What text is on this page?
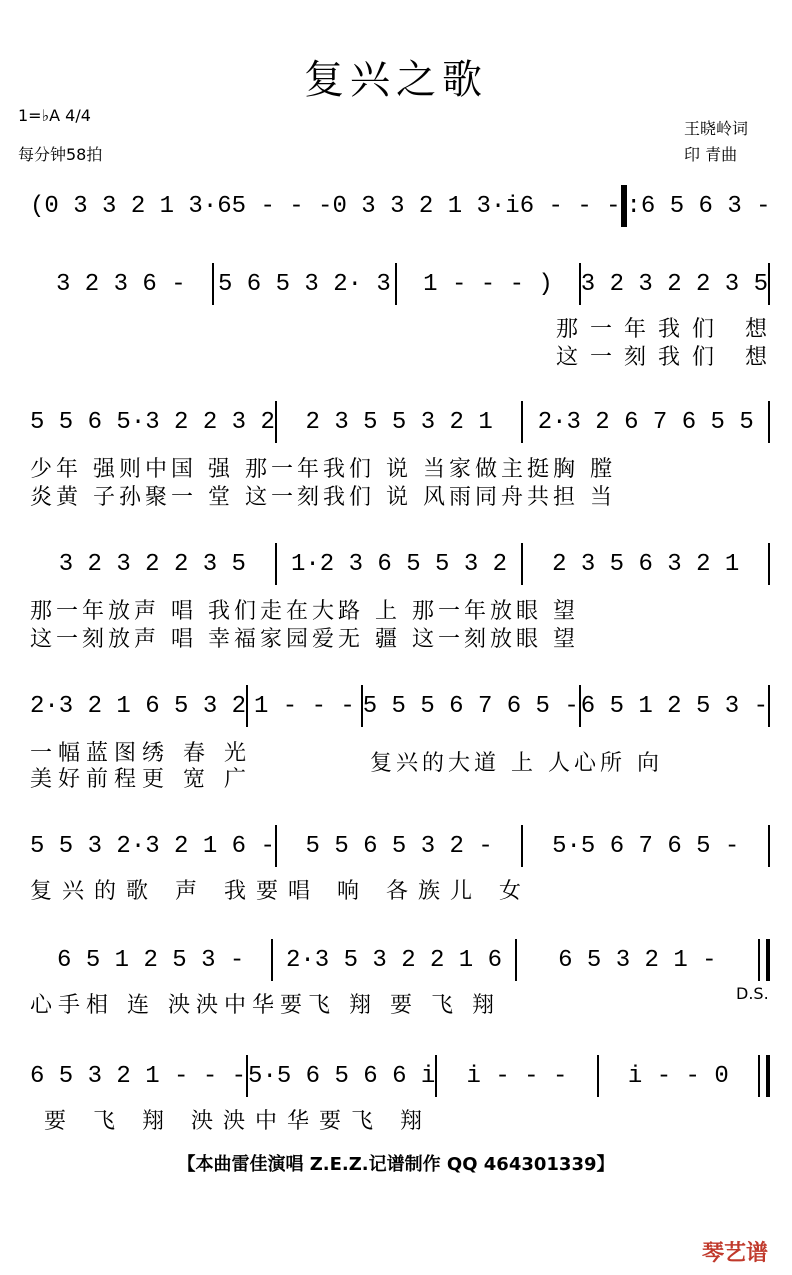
复兴之歌
1=♭A 4/4
每分钟58拍
王晓岭词
印 青曲
(0 3 3 2 1 3·6 5 - - - 0 3 3 2 1 3·i 6 - - - :6 5 6 3 -
3 2 3 6 -	5 6 5 3 2· 3	1 - - - )	3 2 3 2 2 3 5
那一年我们 想
这一刻我们 想
5 5 6 5·3 2 2 3 2	2 3 5 5 3 2 1	2·3 2 6 7 6 5 5
少年 强则中国 强 那一年我们 说 当家做主挺胸 膛
炎黄 子孙聚一 堂 这一刻我们 说 风雨同舟共担 当
3 2 3 2 2 3 5	1·2 3 6 5 5 3 2	2 3 5 6 3 2 1
那一年放声 唱 我们走在大路 上 那一年放眼 望
这一刻放声 唱 幸福家园爱无 疆 这一刻放眼 望
2·3 2 1 6 5 3 2 1 - - - 5 5 5 6 7 6 5 - 6 5 1 2 5 3 -
一幅蓝图绣 春 光
美好前程更 宽 广
复兴的大道 上 人心所 向
5 5 3 2·3 2 1 6 -	5 5 6 5 3 2 -	5·5 6 7 6 5 -
复兴的歌 声 我要唱 响 各族儿 女
6 5 1 2 5 3 -	2·3 5 3 2 2 1 6	6 5 3 2 1 -
心手相 连 泱泱中华要飞 翔 要 飞 翔	D.S.
6 5 3 2 1 - - - 5·5 6 5 6 6 i	i - - -	i - - 0
要 飞 翔 泱泱中华要飞 翔
【本曲雷佳演唱 Z.E.Z.记谱制作 QQ 464301339】
琴艺谱
